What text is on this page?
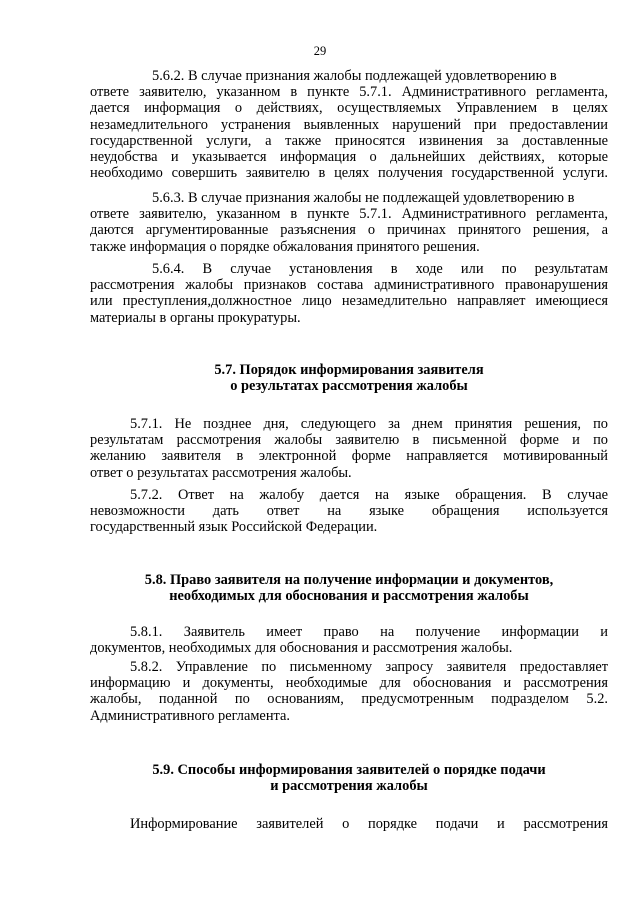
29
5.6.2. В случае признания жалобы подлежащей удовлетворению в
ответе заявителю, указанном в пункте 5.7.1. Административного регламента,
дается информация о действиях, осуществляемых Управлением в целях
незамедлительного устранения выявленных нарушений при предоставлении
государственной услуги, а также приносятся извинения за доставленные
неудобства и указывается информация о дальнейших действиях, которые
необходимо совершить заявителю в целях получения государственной услуги.
5.6.3. В случае признания жалобы не подлежащей удовлетворению в
ответе заявителю, указанном в пункте 5.7.1. Административного регламента,
даются аргументированные разъяснения о причинах принятого решения, а
также информация о порядке обжалования принятого решения.
5.6.4. В случае установления в ходе или по результатам
рассмотрения жалобы признаков состава административного правонарушения
или преступления,должностное лицо незамедлительно направляет имеющиеся
материалы в органы прокуратуры.
5.7. Порядок информирования заявителя
о результатах рассмотрения жалобы
5.7.1. Не позднее дня, следующего за днем принятия решения, по
результатам рассмотрения жалобы заявителю в письменной форме и по
желанию заявителя в электронной форме направляется мотивированный
ответ о результатах рассмотрения жалобы.
5.7.2. Ответ на жалобу дается на языке обращения. В случае
невозможности дать ответ на языке обращения используется
государственный язык Российской Федерации.
5.8. Право заявителя на получение информации и документов,
необходимых для обоснования и рассмотрения жалобы
5.8.1. Заявитель имеет право на получение информации и
документов, необходимых для обоснования и рассмотрения жалобы.
5.8.2. Управление по письменному запросу заявителя предоставляет
информацию и документы, необходимые для обоснования и рассмотрения
жалобы, поданной по основаниям, предусмотренным подразделом 5.2.
Административного регламента.
5.9. Способы информирования заявителей о порядке подачи
и рассмотрения жалобы
Информирование заявителей о порядке подачи и рассмотрения
